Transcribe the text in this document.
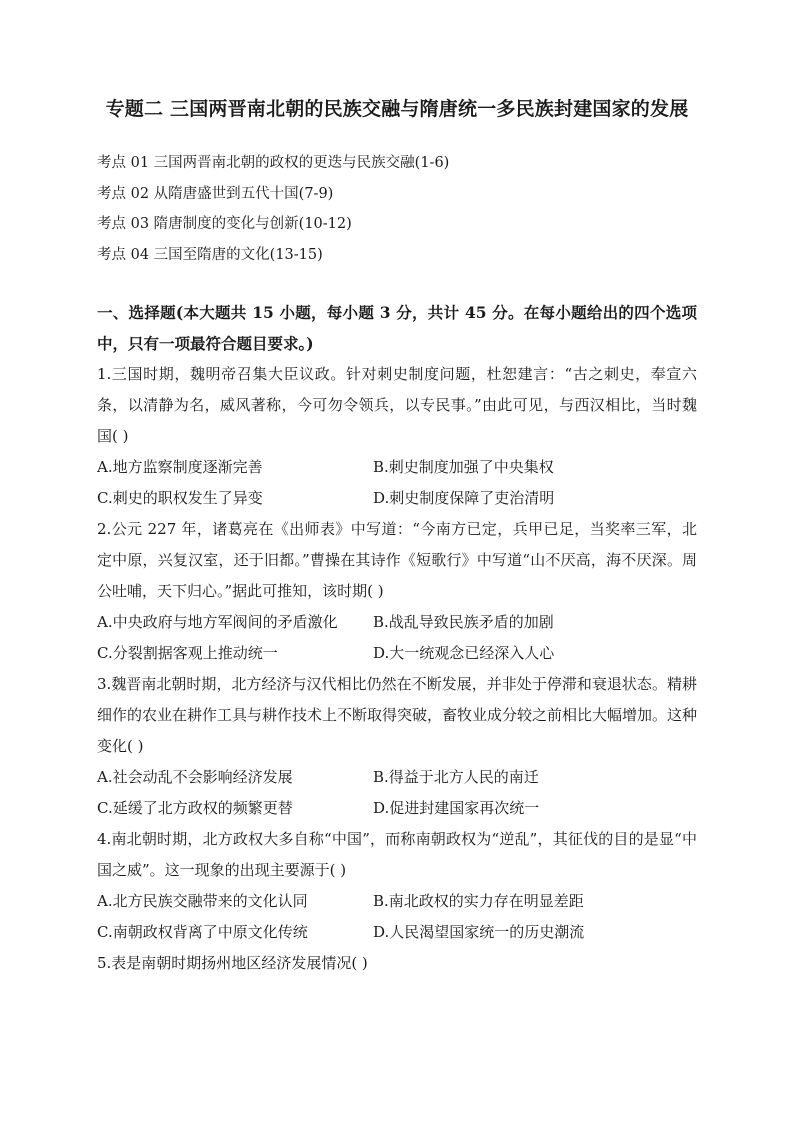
专题二 三国两晋南北朝的民族交融与隋唐统一多民族封建国家的发展
考点 01 三国两晋南北朝的政权的更迭与民族交融(1-6)
考点 02 从隋唐盛世到五代十国(7-9)
考点 03 隋唐制度的变化与创新(10-12)
考点 04 三国至隋唐的文化(13-15)
一、选择题(本大题共 15 小题，每小题 3 分，共计 45 分。在每小题给出的四个选项中，只有一项最符合题目要求。)
1.三国时期，魏明帝召集大臣议政。针对刺史制度问题，杜恕建言：“古之刺史，奉宣六条，以清静为名，威风著称，今可勿令领兵，以专民事。”由此可见，与西汉相比，当时魏国( )
A.地方监察制度逐渐完善	B.刺史制度加强了中央集权
C.刺史的职权发生了异变	D.刺史制度保障了吏治清明
2.公元 227 年，诸葛亮在《出师表》中写道：“今南方已定，兵甲已足，当奖率三军，北定中原，兴复汉室，还于旧都。”曹操在其诗作《短歌行》中写道“山不厌高，海不厌深。周公吐哺，天下归心。”据此可推知，该时期( )
A.中央政府与地方军阀间的矛盾激化	B.战乱导致民族矛盾的加剧
C.分裂割据客观上推动统一	D.大一统观念已经深入人心
3.魏晋南北朝时期，北方经济与汉代相比仍然在不断发展，并非处于停滞和衰退状态。精耕细作的农业在耕作工具与耕作技术上不断取得突破，畜牧业成分较之前相比大幅增加。这种变化( )
A.社会动乱不会影响经济发展	B.得益于北方人民的南迁
C.延缓了北方政权的频繁更替	D.促进封建国家再次统一
4.南北朝时期，北方政权大多自称“中国”，而称南朝政权为“逆乱”，其征伐的目的是显“中国之威”。这一现象的出现主要源于( )
A.北方民族交融带来的文化认同	B.南北政权的实力存在明显差距
C.南朝政权背离了中原文化传统	D.人民渴望国家统一的历史潮流
5.表是南朝时期扬州地区经济发展情况( )
